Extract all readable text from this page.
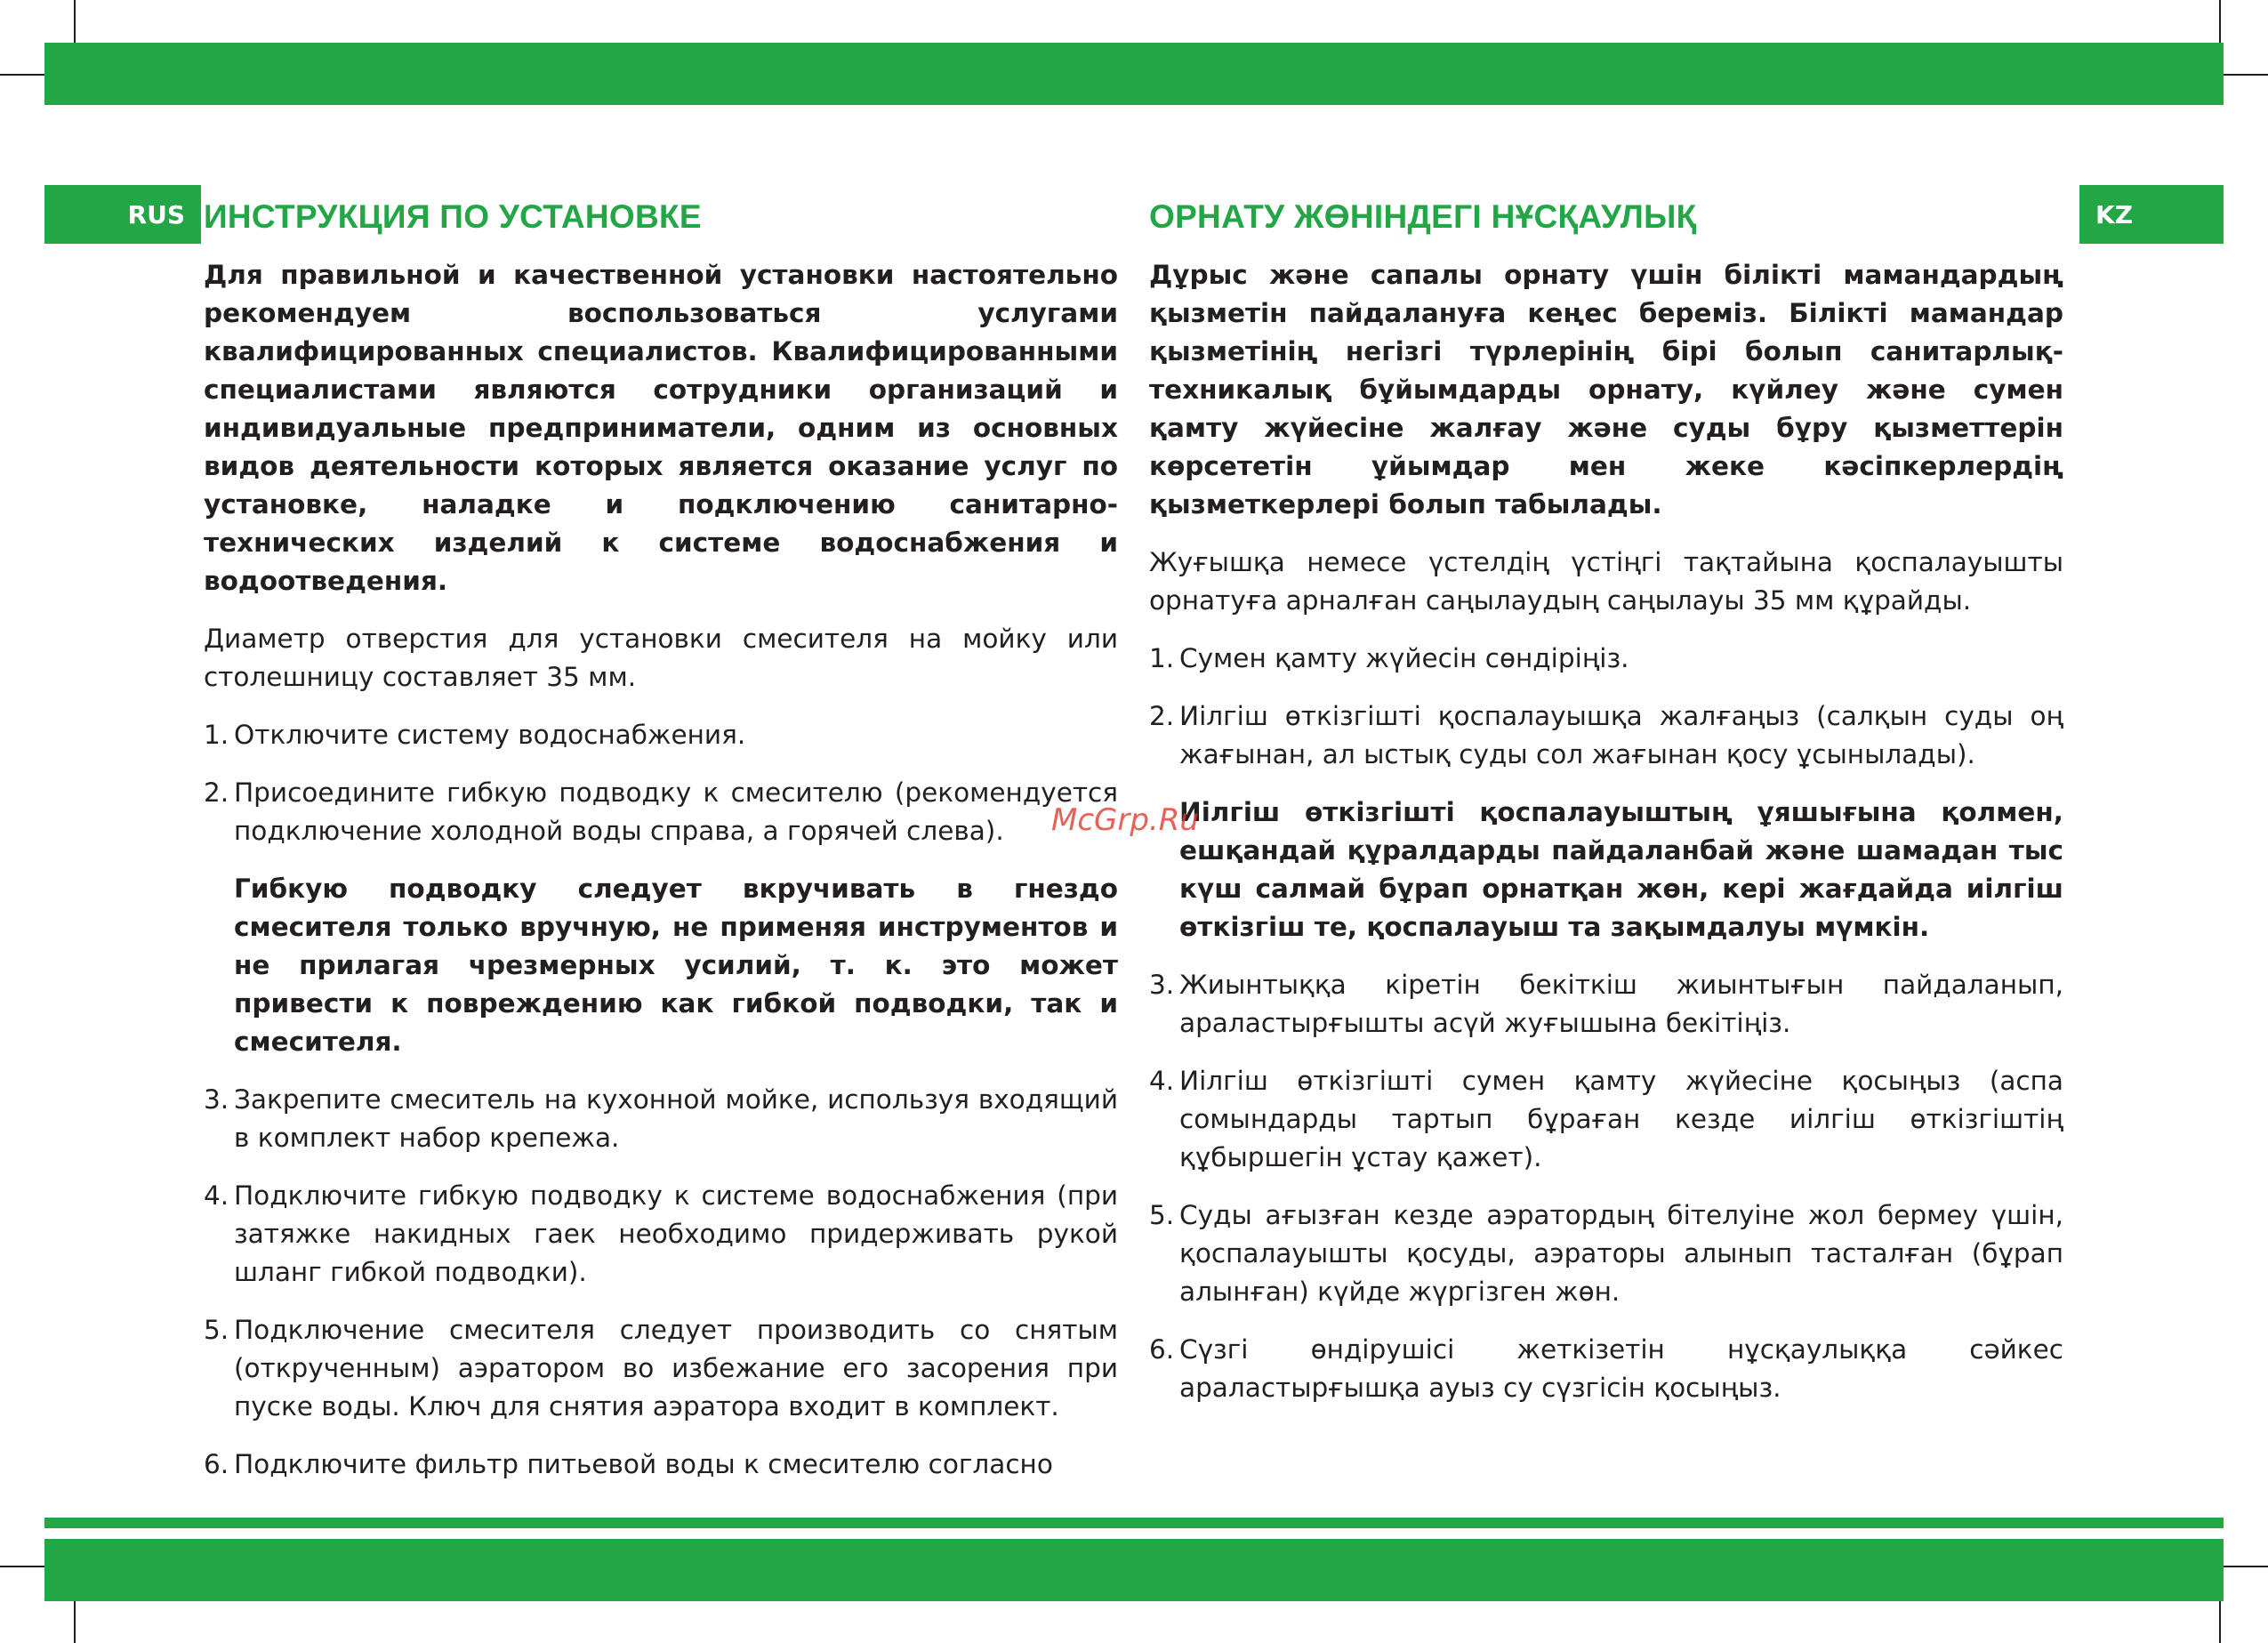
RUS	KZ
ИНСТРУКЦИЯ ПО УСТАНОВКЕ

Для правильной и качественной установки настоятельно рекомендуем воспользоваться услугами квалифицированных специалистов. Квалифицированными специалистами являются сотрудники организаций и индивидуальные предприниматели, одним из основных видов деятельности которых является оказание услуг по установке, наладке и подключению санитарно-технических изделий к системе водоснабжения и водоотведения.

Диаметр отверстия для установки смесителя на мойку или столешницу составляет 35 мм.

1. Отключите систему водоснабжения.
2. Присоедините гибкую подводку к смесителю (рекомендуется подключение холодной воды справа, а горячей слева).

Гибкую подводку следует вкручивать в гнездо смесителя только вручную, не применяя инструментов и не прилагая чрезмерных усилий, т. к. это может привести к повреждению как гибкой подводки, так и смесителя.

3. Закрепите смеситель на кухонной мойке, используя входящий в комплект набор крепежа.
4. Подключите гибкую подводку к системе водоснабжения (при затяжке накидных гаек необходимо придерживать рукой шланг гибкой подводки).
5. Подключение смесителя следует производить со снятым (открученным) аэратором во избежание его засорения при пуске воды. Ключ для снятия аэратора входит в комплект.
6. Подключите фильтр питьевой воды к смесителю согласно
ОРНАТУ ЖӨНІНДЕГІ НҰСҚАУЛЫҚ

Дұрыс және сапалы орнату үшін білікті мамандардың қызметін пайдалануға кеңес береміз. Білікті мамандар қызметінің негізгі түрлерінің бірі болып санитарлық-техникалық бұйымдарды орнату, күйлеу және сумен қамту жүйесіне жалғау және суды бұру қызметтерін көрсететін ұйымдар мен жеке кәсіпкерлердің қызметкерлері болып табылады.

Жуғышқа немесе үстелдің үстіңгі тақтайына қоспалауышты орнатуға арналған саңылаудың саңылауы 35 мм құрайды.

1. Сумен қамту жүйесін сөндіріңіз.
2. Иілгіш өткізгішті қоспалауышқа жалғаңыз (салқын суды оң жағынан, ал ыстық суды сол жағынан қосу ұсынылады).

Иілгіш өткізгішті қоспалауыштың ұяшығына қолмен, ешқандай құралдарды пайдаланбай және шамадан тыс күш салмай бұрап орнатқан жөн, кері жағдайда иілгіш өткізгіш те, қоспалауыш та зақымдалуы мүмкін.

3. Жиынтыққа кіретін бекіткіш жиынтығын пайдаланып, араластырғышты асүй жуғышына бекітіңіз.
4. Иілгіш өткізгішті сумен қамту жүйесіне қосыңыз (аспа сомындарды тартып бұраған кезде иілгіш өткізгіштің құбыршегін ұстау қажет).
5. Суды ағызған кезде аэратордың бітелуіне жол бермеу үшін, қоспалауышты қосуды, аэраторы алынып тасталған (бұрап алынған) күйде жүргізген жөн.
6. Сүзгі өндірушісі жеткізетін нұсқаулыққа сәйкес араластырғышқа ауыз су сүзгісін қосыңыз.
McGrp.Ru
